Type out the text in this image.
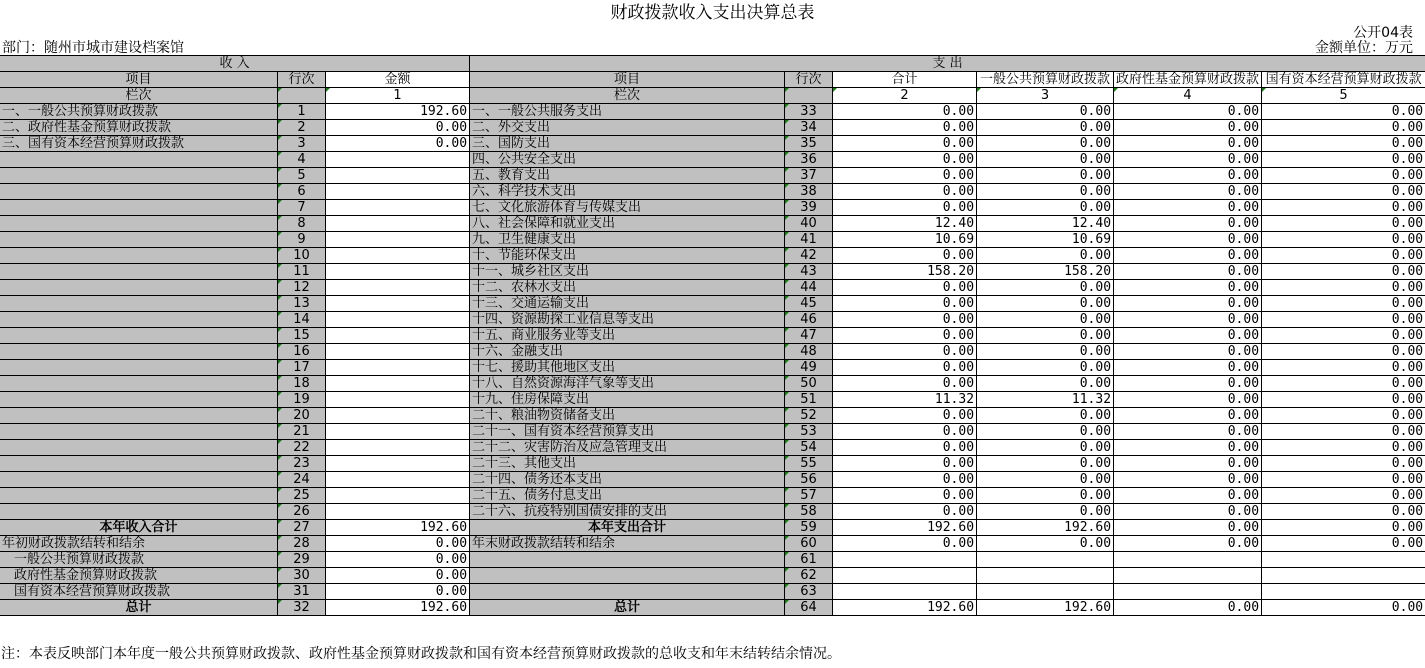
财政拨款收入支出决算总表
公开04表
部门：随州市城市建设档案馆	金额单位：万元
收 入			支 出					
项目	行次	金额	项目	行次	合计	一般公共预算财政拨款	政府性基金预算财政拨款	国有资本经营预算财政拨款
栏次		1	栏次		2	3	4	5
一、一般公共预算财政拨款	1	192.60	一、一般公共服务支出	33	0.00	0.00	0.00	0.00
二、政府性基金预算财政拨款	2	0.00	二、外交支出	34	0.00	0.00	0.00	0.00
三、国有资本经营预算财政拨款	3	0.00	三、国防支出	35	0.00	0.00	0.00	0.00
	4		四、公共安全支出	36	0.00	0.00	0.00	0.00
	5		五、教育支出	37	0.00	0.00	0.00	0.00
	6		六、科学技术支出	38	0.00	0.00	0.00	0.00
	7		七、文化旅游体育与传媒支出	39	0.00	0.00	0.00	0.00
	8		八、社会保障和就业支出	40	12.40	12.40	0.00	0.00
	9		九、卫生健康支出	41	10.69	10.69	0.00	0.00
	10		十、节能环保支出	42	0.00	0.00	0.00	0.00
	11		十一、城乡社区支出	43	158.20	158.20	0.00	0.00
	12		十二、农林水支出	44	0.00	0.00	0.00	0.00
	13		十三、交通运输支出	45	0.00	0.00	0.00	0.00
	14		十四、资源勘探工业信息等支出	46	0.00	0.00	0.00	0.00
	15		十五、商业服务业等支出	47	0.00	0.00	0.00	0.00
	16		十六、金融支出	48	0.00	0.00	0.00	0.00
	17		十七、援助其他地区支出	49	0.00	0.00	0.00	0.00
	18		十八、自然资源海洋气象等支出	50	0.00	0.00	0.00	0.00
	19		十九、住房保障支出	51	11.32	11.32	0.00	0.00
	20		二十、粮油物资储备支出	52	0.00	0.00	0.00	0.00
	21		二十一、国有资本经营预算支出	53	0.00	0.00	0.00	0.00
	22		二十二、灾害防治及应急管理支出	54	0.00	0.00	0.00	0.00
	23		二十三、其他支出	55	0.00	0.00	0.00	0.00
	24		二十四、债务还本支出	56	0.00	0.00	0.00	0.00
	25		二十五、债务付息支出	57	0.00	0.00	0.00	0.00
	26		二十六、抗疫特别国债安排的支出	58	0.00	0.00	0.00	0.00
本年收入合计	27	192.60	本年支出合计	59	192.60	192.60	0.00	0.00
年初财政拨款结转和结余	28	0.00	年末财政拨款结转和结余	60	0.00	0.00	0.00	0.00
一般公共预算财政拨款	29	0.00		61				
政府性基金预算财政拨款	30	0.00		62				
国有资本经营预算财政拨款	31	0.00		63				
总计	32	192.60	总计	64	192.60	192.60	0.00	0.00
注：本表反映部门本年度一般公共预算财政拨款、政府性基金预算财政拨款和国有资本经营预算财政拨款的总收支和年末结转结余情况。
